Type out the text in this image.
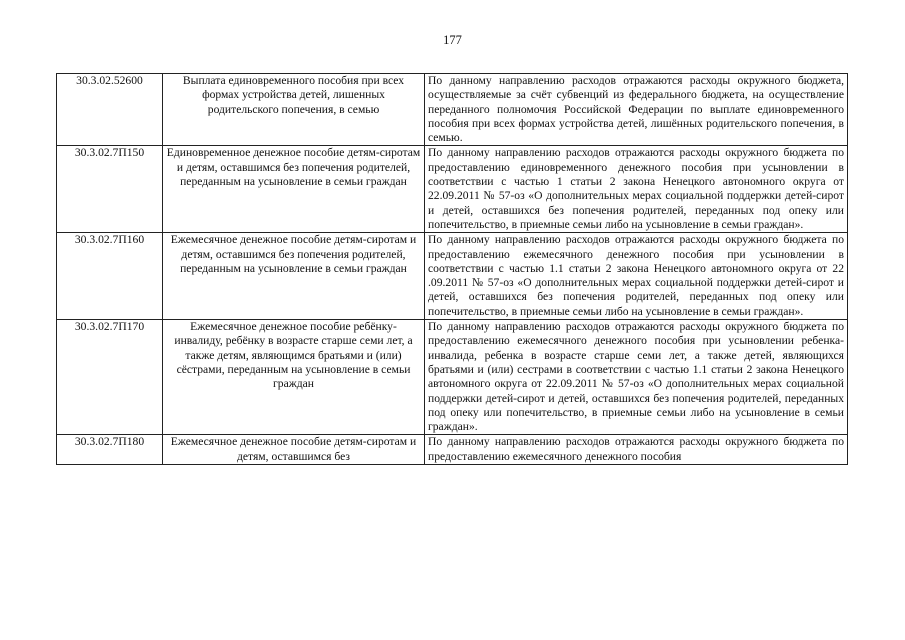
177
30.3.02.52600	Выплата единовременного пособия при всех формах устройства детей, лишенных родительского попечения, в семью	По данному направлению расходов отражаются расходы окружного бюджета, осуществляемые за счёт субвенций из федерального бюджета, на осуществление переданного полномочия Российской Федерации по выплате единовременного пособия при всех формах устройства детей, лишённых родительского попечения, в семью.
30.3.02.7П150	Единовременное денежное пособие детям-сиротам и детям, оставшимся без попечения родителей, переданным на усыновление в семьи граждан	По данному направлению расходов отражаются расходы окружного бюджета по предоставлению единовременного денежного пособия при усыновлении в соответствии с частью 1 статьи 2 закона Ненецкого автономного округа от 22.09.2011 № 57-оз «О дополнительных мерах социальной поддержки детей-сирот и детей, оставшихся без попечения родителей, переданных под опеку или попечительство, в приемные семьи либо на усыновление в семьи граждан».
30.3.02.7П160	Ежемесячное денежное пособие детям-сиротам и детям, оставшимся без попечения родителей, переданным на усыновление в семьи граждан	По данному направлению расходов отражаются расходы окружного бюджета по предоставлению ежемесячного денежного пособия при усыновлении в соответствии с частью 1.1 статьи 2 закона Ненецкого автономного округа от 22 .09.2011 № 57-оз «О дополнительных мерах социальной поддержки детей-сирот и детей, оставшихся без попечения родителей, переданных под опеку или попечительство, в приемные семьи либо на усыновление в семьи граждан».
30.3.02.7П170	Ежемесячное денежное пособие ребёнку-инвалиду, ребёнку в возрасте старше семи лет, а также детям, являющимся братьями и (или) сёстрами, переданным на усыновление в семьи граждан	По данному направлению расходов отражаются расходы окружного бюджета по предоставлению ежемесячного денежного пособия при усыновлении ребенка-инвалида, ребенка в возрасте старше семи лет, а также детей, являющихся братьями и (или) сестрами в соответствии с частью 1.1 статьи 2 закона Ненецкого автономного округа от 22.09.2011 № 57-оз «О дополнительных мерах социальной поддержки детей-сирот и детей, оставшихся без попечения родителей, переданных под опеку или попечительство, в приемные семьи либо на усыновление в семьи граждан».

30.3.02.7П180	Ежемесячное денежное пособие детям-сиротам и детям, оставшимся без	По данному направлению расходов отражаются расходы окружного бюджета по предоставлению ежемесячного денежного пособия
